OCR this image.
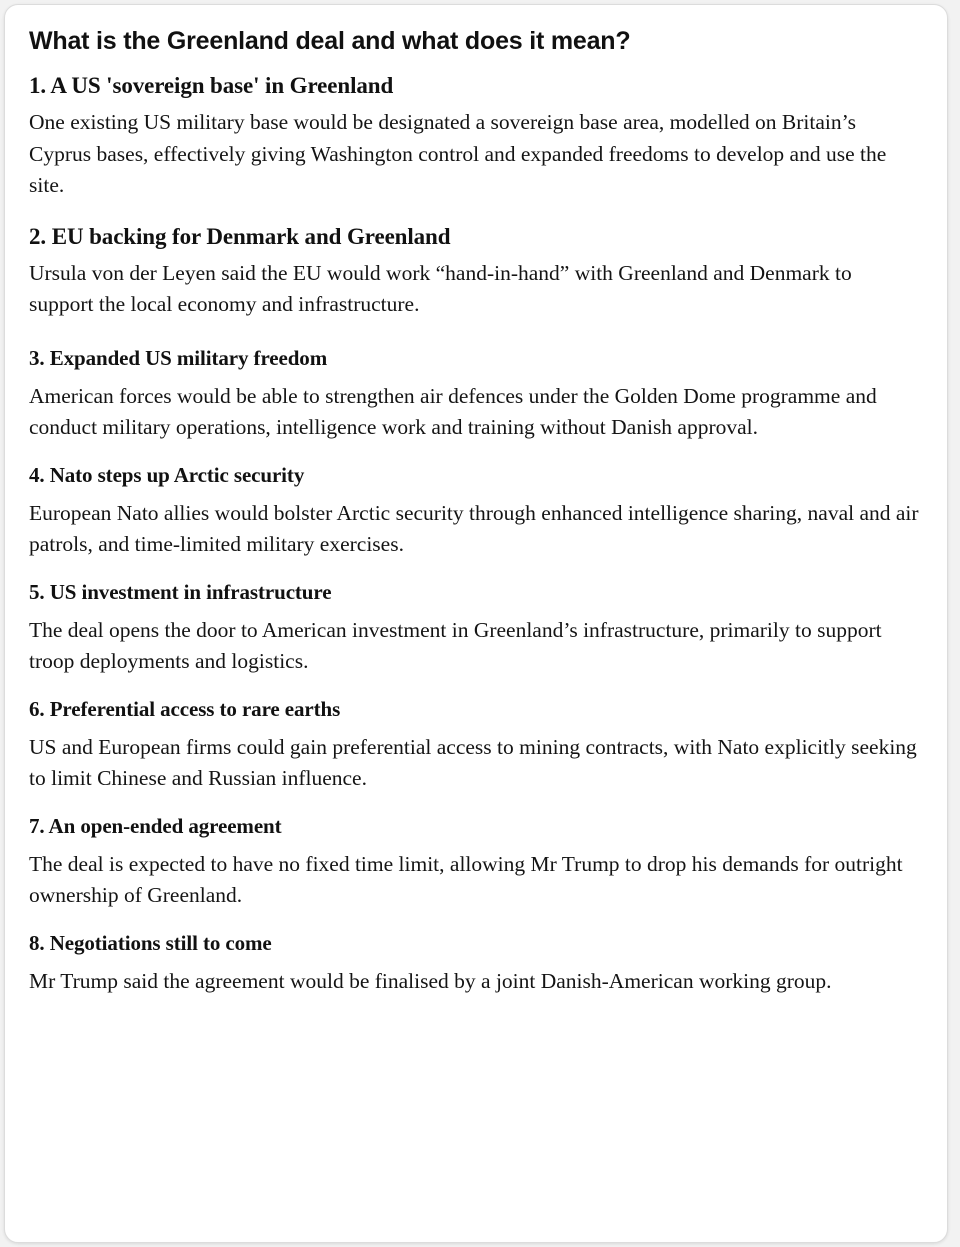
What is the Greenland deal and what does it mean?
1. A US 'sovereign base' in Greenland

One existing US military base would be designated a sovereign base area, modelled on Britain’s Cyprus bases, effectively giving Washington control and expanded freedoms to develop and use the site.

2. EU backing for Denmark and Greenland

Ursula von der Leyen said the EU would work “hand-in-hand” with Greenland and Denmark to support the local economy and infrastructure.

3. Expanded US military freedom

American forces would be able to strengthen air defences under the Golden Dome programme and conduct military operations, intelligence work and training without Danish approval.

4. Nato steps up Arctic security

European Nato allies would bolster Arctic security through enhanced intelligence sharing, naval and air patrols, and time-limited military exercises.

5. US investment in infrastructure

The deal opens the door to American investment in Greenland’s infrastructure, primarily to support troop deployments and logistics.

6. Preferential access to rare earths

US and European firms could gain preferential access to mining contracts, with Nato explicitly seeking to limit Chinese and Russian influence.

7. An open-ended agreement

The deal is expected to have no fixed time limit, allowing Mr Trump to drop his demands for outright ownership of Greenland.

8. Negotiations still to come

Mr Trump said the agreement would be finalised by a joint Danish-American working group.
